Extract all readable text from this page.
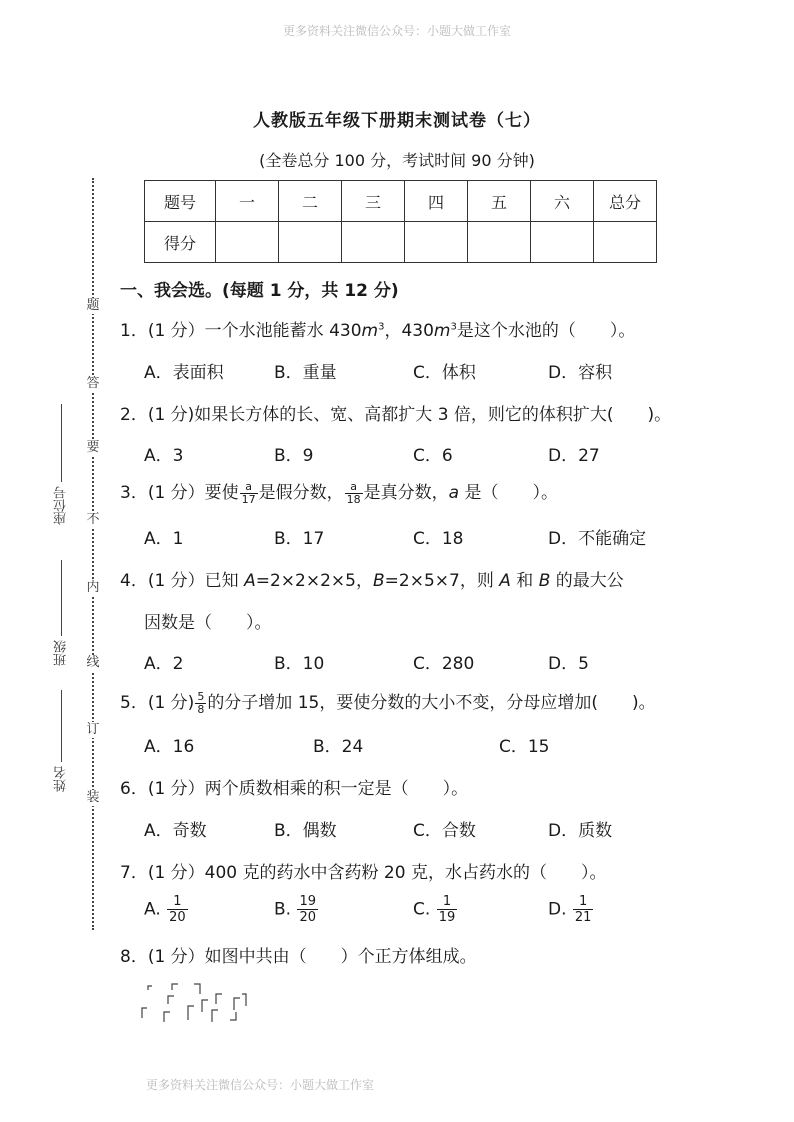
更多资料关注微信公众号：小题大做工作室
人教版五年级下册期末测试卷（七）
(全卷总分 100 分，考试时间 90 分钟)
题号	一	二	三	四	五	六	总分
得分							
题
答
要
不
内
线
订
装
座位号
班级
姓名
一、我会选。(每题 1 分，共 12 分)
1．(1 分）一个水池能蓄水 $430m^3$，$430m^3$是这个水池的（　　）。
A．表面积	B．重量	C．体积	D．容积
2．(1 分)如果长方体的长、宽、高都扩大 3 倍，则它的体积扩大(　　)。
A．3	B．9	C．6	D．27
3．(1 分）要使 $\frac{a}{17}$ 是假分数， $\frac{a}{18}$ 是真分数，a 是（　　）。
A．1	B．17	C．18	D．不能确定
4．(1 分）已知 A=2×2×2×5，B=2×5×7，则 A 和 B 的最大公
因数是（　　）。
A．2	B．10	C．280	D．5
5．(1 分) $\frac{5}{8}$ 的分子增加 15，要使分数的大小不变，分母应增加(　　)。
A．16	B．24	C．15
6．(1 分）两个质数相乘的积一定是（　　）。
A．奇数	B．偶数	C．合数	D．质数
7．(1 分）400 克的药水中含药粉 20 克，水占药水的（　　）。
A. $\frac{1}{20}$	B. $\frac{19}{20}$	C. $\frac{1}{19}$	D. $\frac{1}{21}$
8．(1 分）如图中共由（　　）个正方体组成。
更多资料关注微信公众号：小题大做工作室
